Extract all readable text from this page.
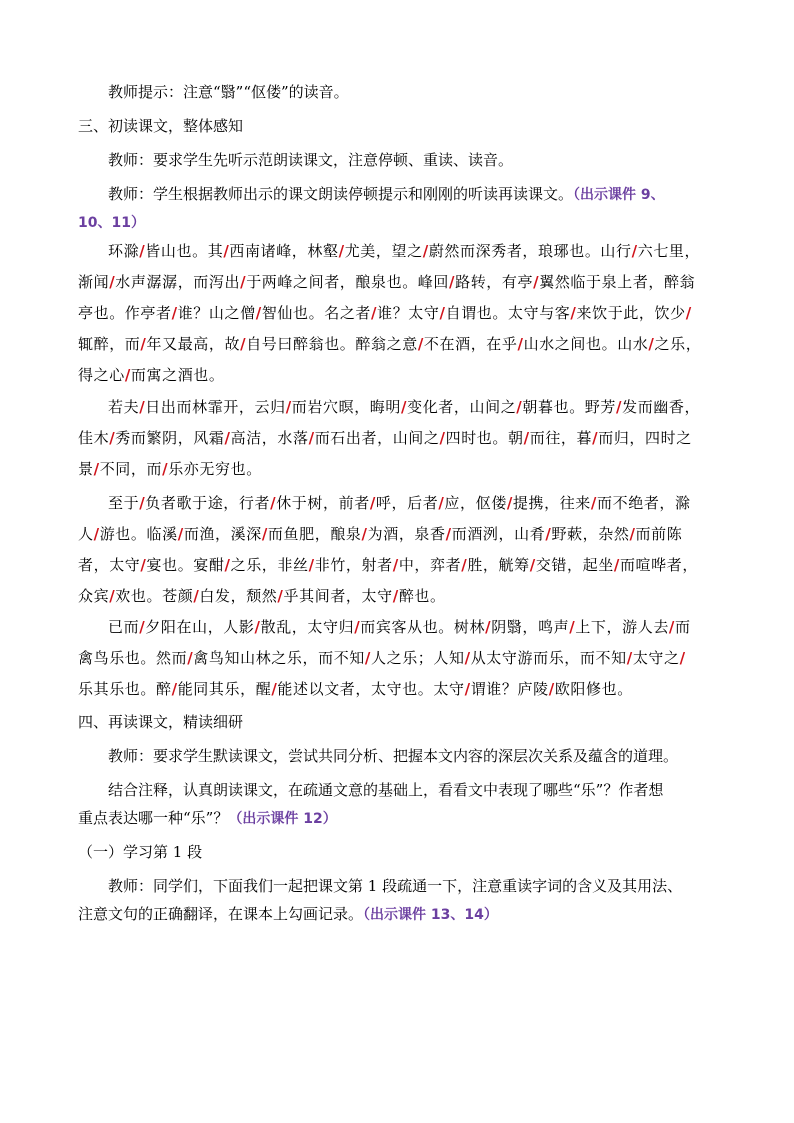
教师提示：注意“翳”“伛偻”的读音。
三、初读课文，整体感知
教师：要求学生先听示范朗读课文，注意停顿、重读、读音。
教师：学生根据教师出示的课文朗读停顿提示和刚刚的听读再读课文。（出示课件 9、
10、11）
环滁/皆山也。其/西南诸峰，林壑/尤美，望之/蔚然而深秀者，琅琊也。山行/六七里，
渐闻/水声潺潺，而泻出/于两峰之间者，酿泉也。峰回/路转，有亭/翼然临于泉上者，醉翁
亭也。作亭者/谁？山之僧/智仙也。名之者/谁？太守/自谓也。太守与客/来饮于此，饮少/
辄醉，而/年又最高，故/自号曰醉翁也。醉翁之意/不在酒，在乎/山水之间也。山水/之乐，
得之心/而寓之酒也。
若夫/日出而林霏开，云归/而岩穴暝，晦明/变化者，山间之/朝暮也。野芳/发而幽香，
佳木/秀而繁阴，风霜/高洁，水落/而石出者，山间之/四时也。朝/而往，暮/而归，四时之
景/不同，而/乐亦无穷也。
至于/负者歌于途，行者/休于树，前者/呼，后者/应，伛偻/提携，往来/而不绝者，滁
人/游也。临溪/而渔，溪深/而鱼肥，酿泉/为酒，泉香/而酒洌，山肴/野蔌，杂然/而前陈
者，太守/宴也。宴酣/之乐，非丝/非竹，射者/中，弈者/胜，觥筹/交错，起坐/而喧哗者，
众宾/欢也。苍颜/白发，颓然/乎其间者，太守/醉也。
已而/夕阳在山，人影/散乱，太守归/而宾客从也。树林/阴翳，鸣声/上下，游人去/而
禽鸟乐也。然而/禽鸟知山林之乐，而不知/人之乐；人知/从太守游而乐，而不知/太守之/
乐其乐也。醉/能同其乐，醒/能述以文者，太守也。太守/谓谁？庐陵/欧阳修也。
四、再读课文，精读细研
教师：要求学生默读课文，尝试共同分析、把握本文内容的深层次关系及蕴含的道理。
结合注释，认真朗读课文，在疏通文意的基础上，看看文中表现了哪些“乐”？作者想
重点表达哪一种“乐”？（出示课件 12）
（一）学习第 1 段
教师：同学们，下面我们一起把课文第 1 段疏通一下，注意重读字词的含义及其用法、
注意文句的正确翻译，在课本上勾画记录。（出示课件 13、14）
